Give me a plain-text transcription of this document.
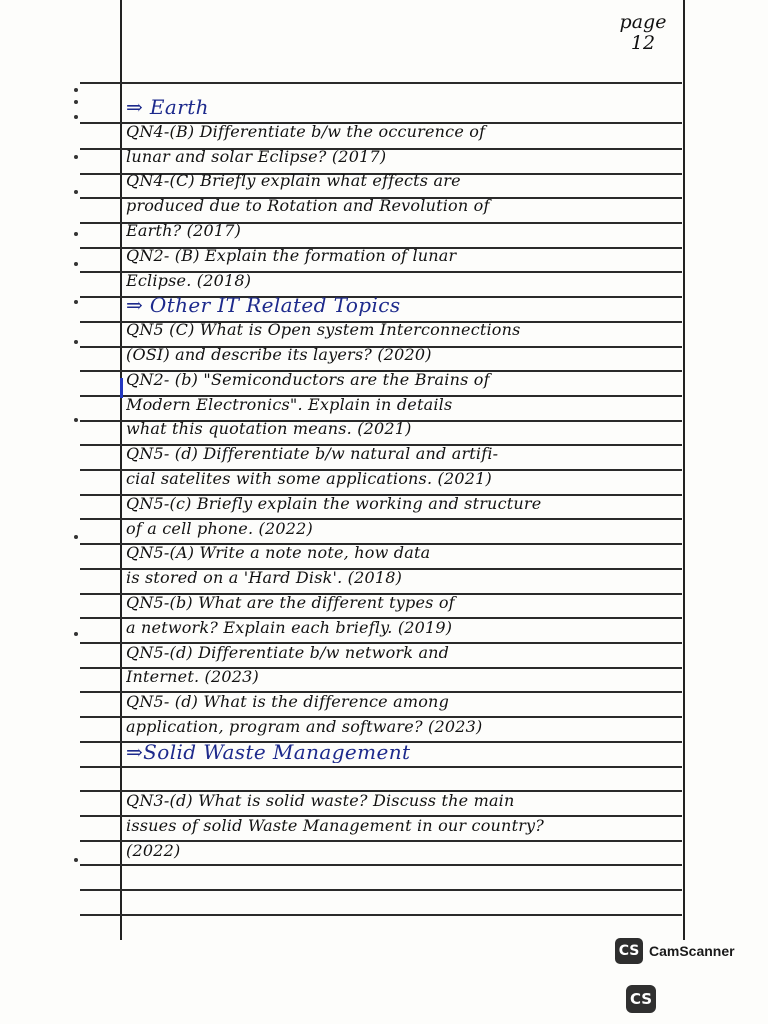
page
12
⇒ Earth
QN4-(B) Differentiate b/w the occurence of
lunar and solar Eclipse? (2017)
QN4-(C) Briefly explain what effects are
produced due to Rotation and Revolution of
Earth? (2017)
QN2- (B) Explain the formation of lunar
Eclipse. (2018)
⇒ Other IT Related Topics
QN5 (C) What is Open system Interconnections
(OSI) and describe its layers? (2020)
QN2- (b) "Semiconductors are the Brains of
Modern Electronics". Explain in details
what this quotation means. (2021)
QN5- (d) Differentiate b/w natural and artifi-
cial satelites with some applications. (2021)
QN5-(c) Briefly explain the working and structure
of a cell phone. (2022)
QN5-(A) Write a note note, how data
is stored on a 'Hard Disk'. (2018)
QN5-(b) What are the different types of
a network? Explain each briefly. (2019)
QN5-(d) Differentiate b/w network and
Internet. (2023)
QN5- (d) What is the difference among
application, program and software? (2023)
⇒Solid Waste Management
QN3-(d) What is solid waste? Discuss the main
issues of solid Waste Management in our country?
(2022)
CS CamScanner
CS
